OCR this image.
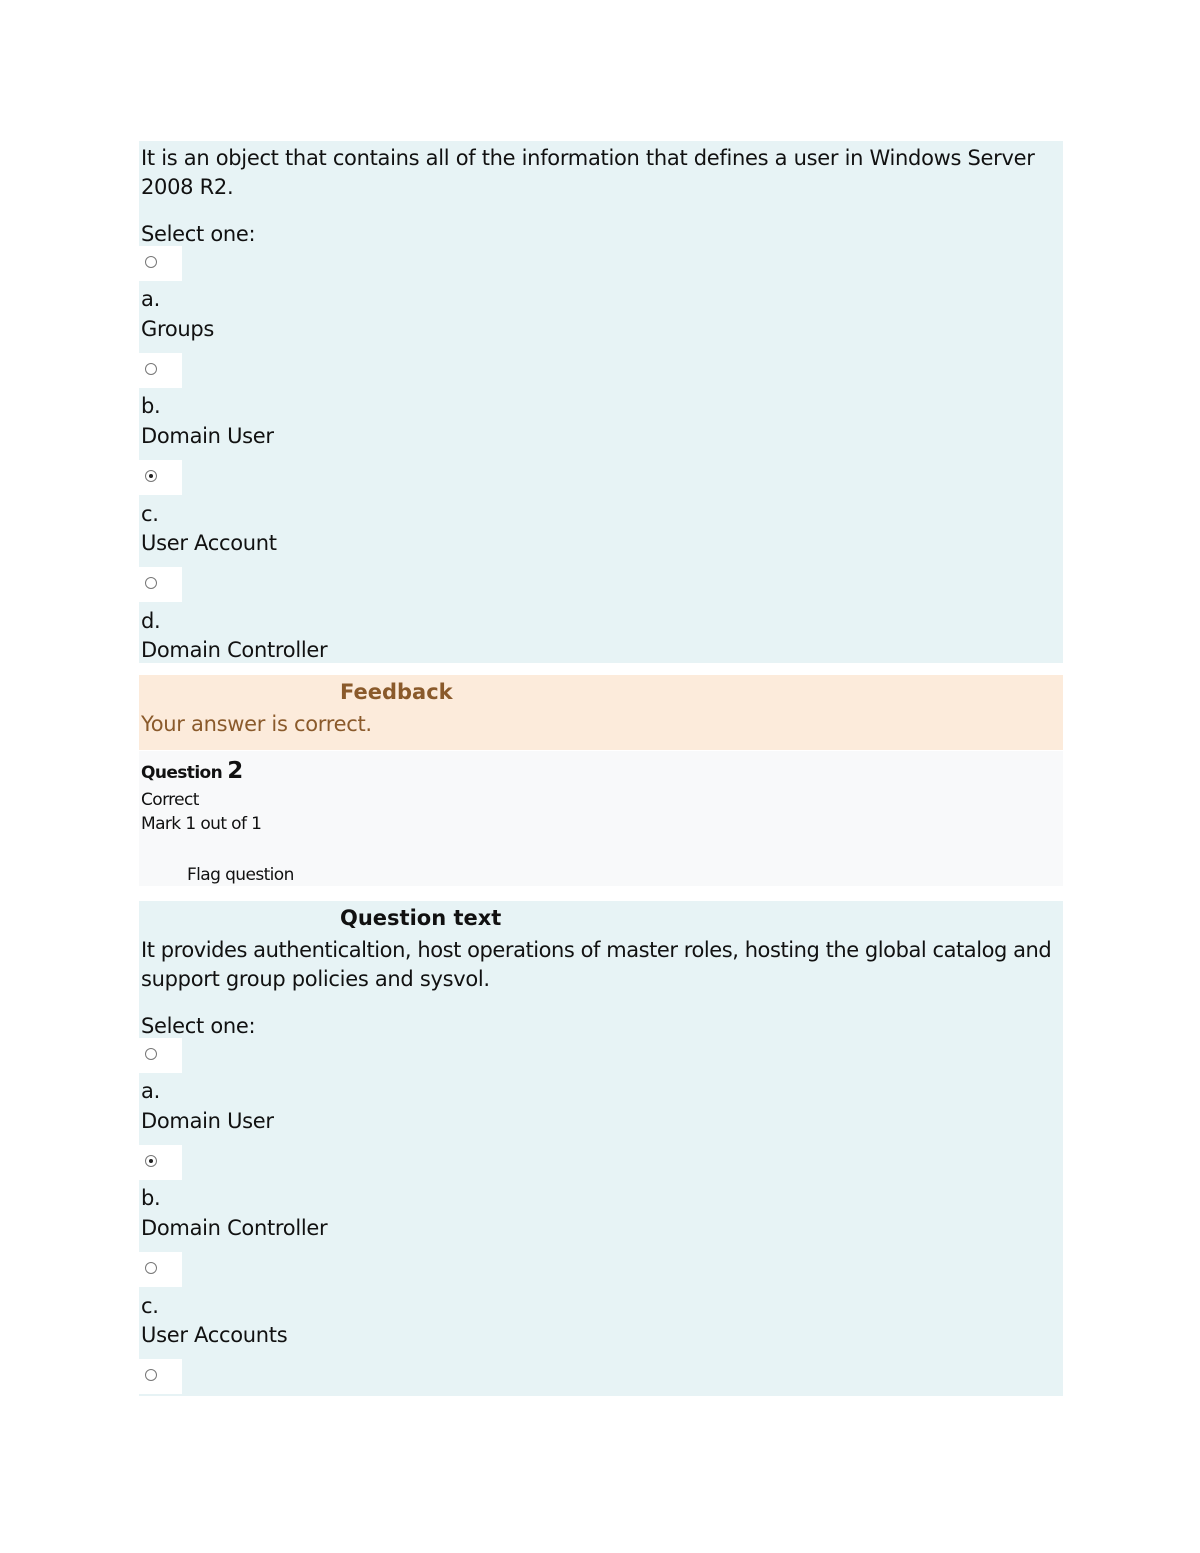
It is an object that contains all of the information that defines a user in Windows Server
2008 R2.
Select one:
a.
Groups
b.
Domain User
c.
User Account
d.
Domain Controller
Feedback
Your answer is correct.
Question 2
Correct
Mark 1 out of 1
Flag question
Question text
It provides authenticaltion, host operations of master roles, hosting the global catalog and
support group policies and sysvol.
Select one:
a.
Domain User
b.
Domain Controller
c.
User Accounts
